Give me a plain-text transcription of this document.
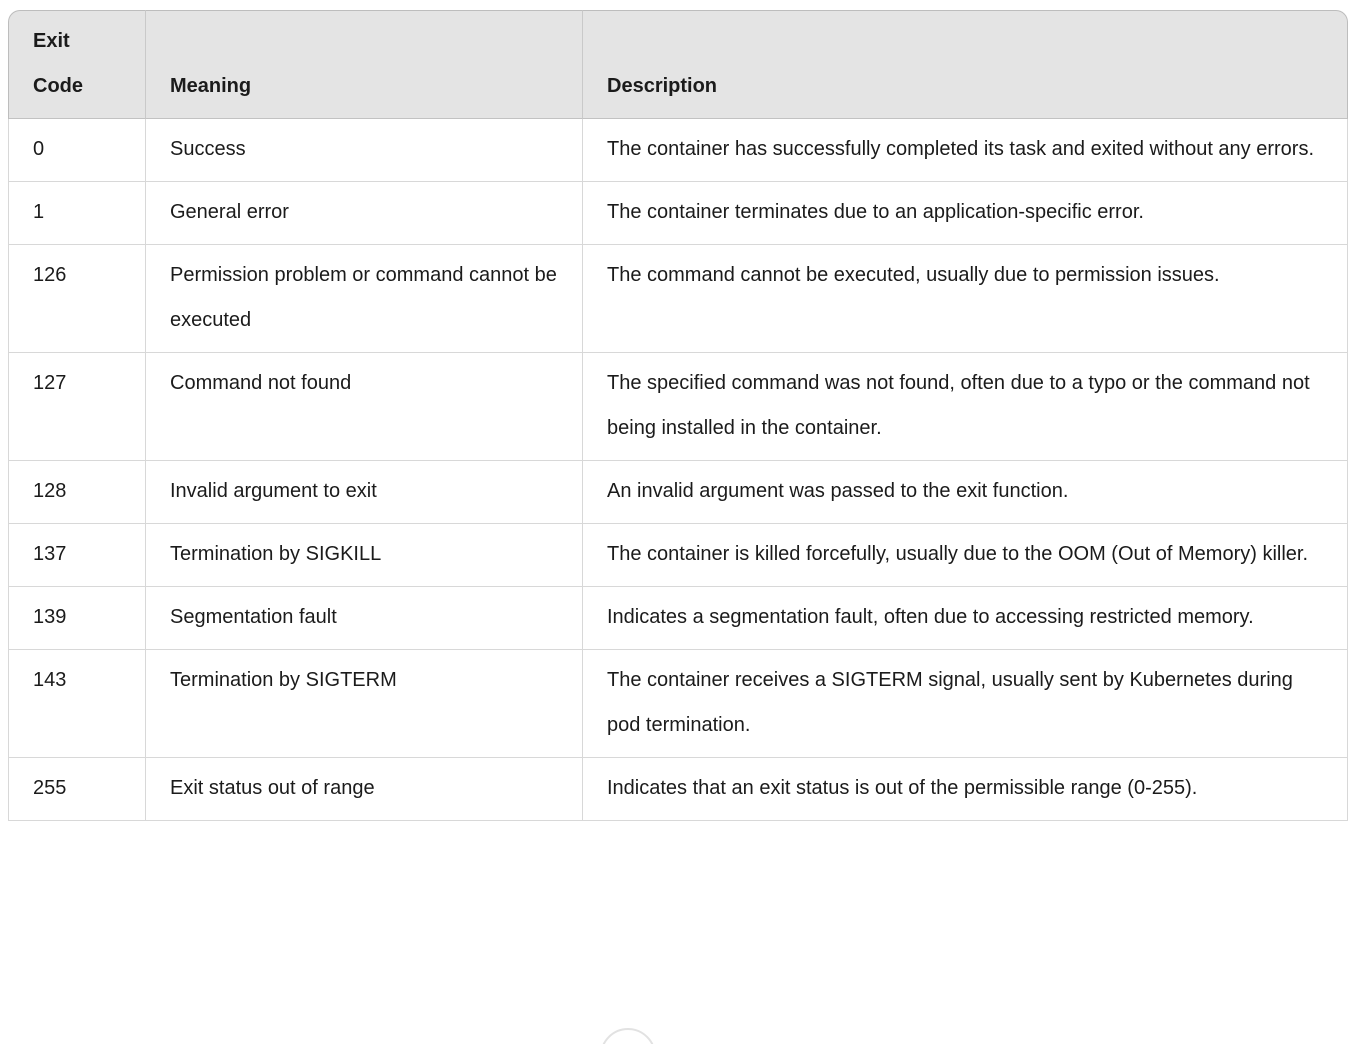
Exit Code	Meaning	Description
0	Success	The container has successfully completed its task and exited without any errors.
1	General error	The container terminates due to an application-specific error.
126	Permission problem or command cannot be executed	The command cannot be executed, usually due to permission issues.
127	Command not found	The specified command was not found, often due to a typo or the command not being installed in the container.
128	Invalid argument to exit	An invalid argument was passed to the exit function.
137	Termination by SIGKILL	The container is killed forcefully, usually due to the OOM (Out of Memory) killer.
139	Segmentation fault	Indicates a segmentation fault, often due to accessing restricted memory.
143	Termination by SIGTERM	The container receives a SIGTERM signal, usually sent by Kubernetes during pod termination.
255	Exit status out of range	Indicates that an exit status is out of the permissible range (0-255).
